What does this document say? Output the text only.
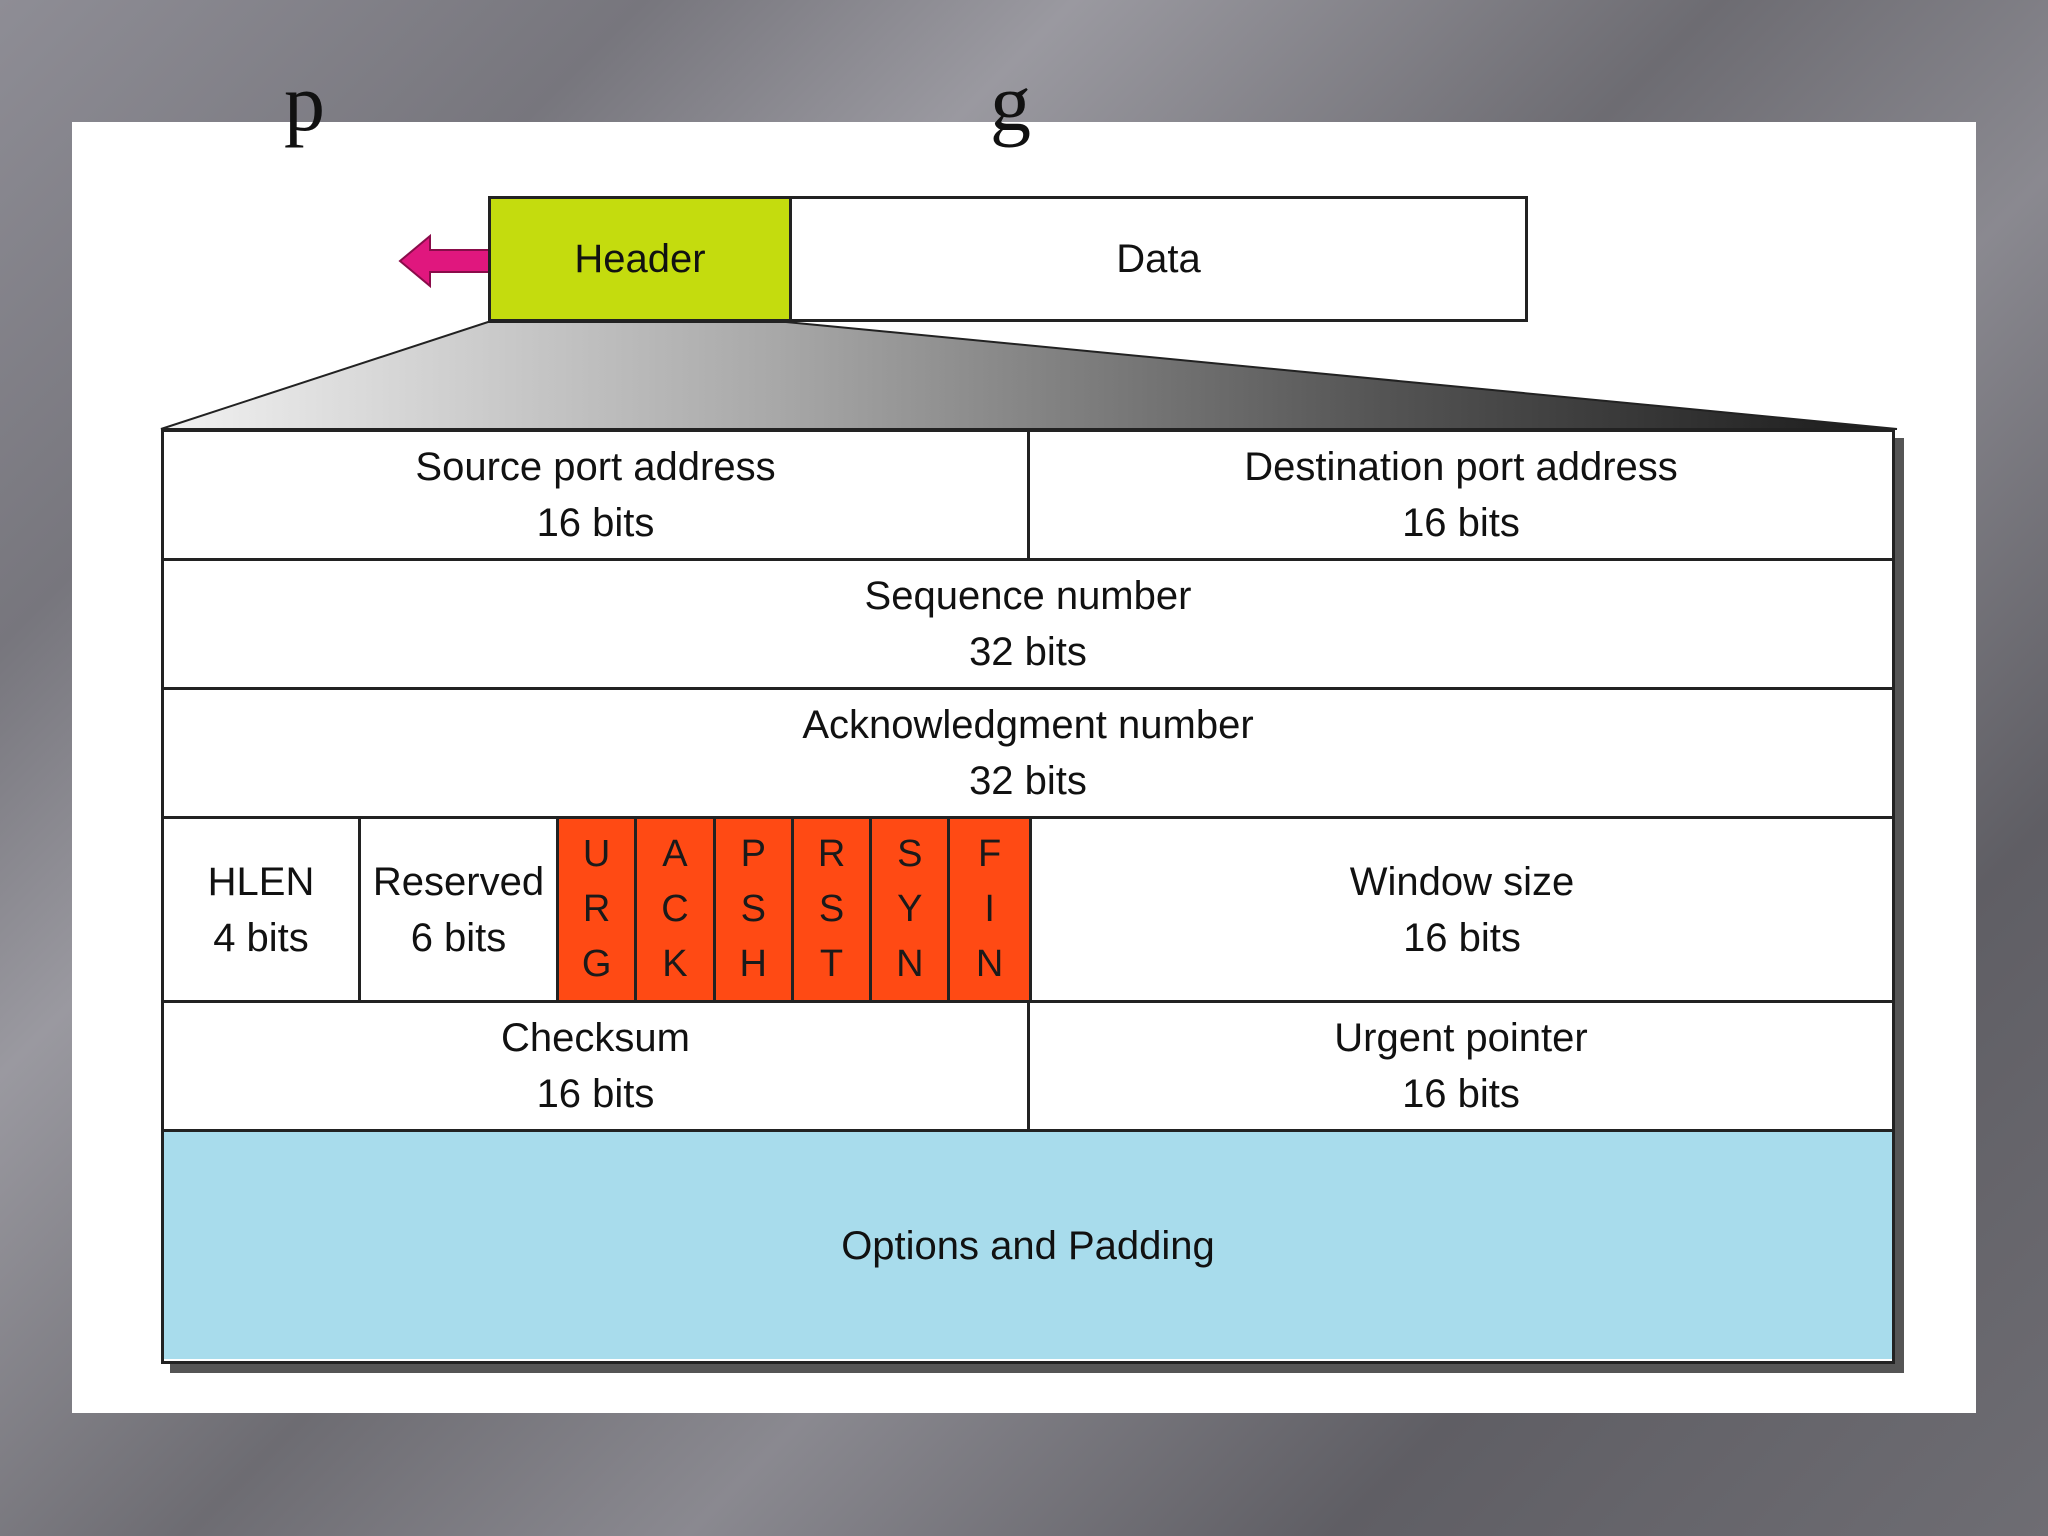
p	g
Header	Data
Source port address
16 bits
Destination port address
16 bits
Sequence number
32 bits
Acknowledgment number
32 bits
HLEN
4 bits
Reserved
6 bits
U
R
G
A
C
K
P
S
H
R
S
T
S
Y
N
F
I
N
Window size
16 bits
Checksum
16 bits
Urgent pointer
16 bits
Options and Padding
